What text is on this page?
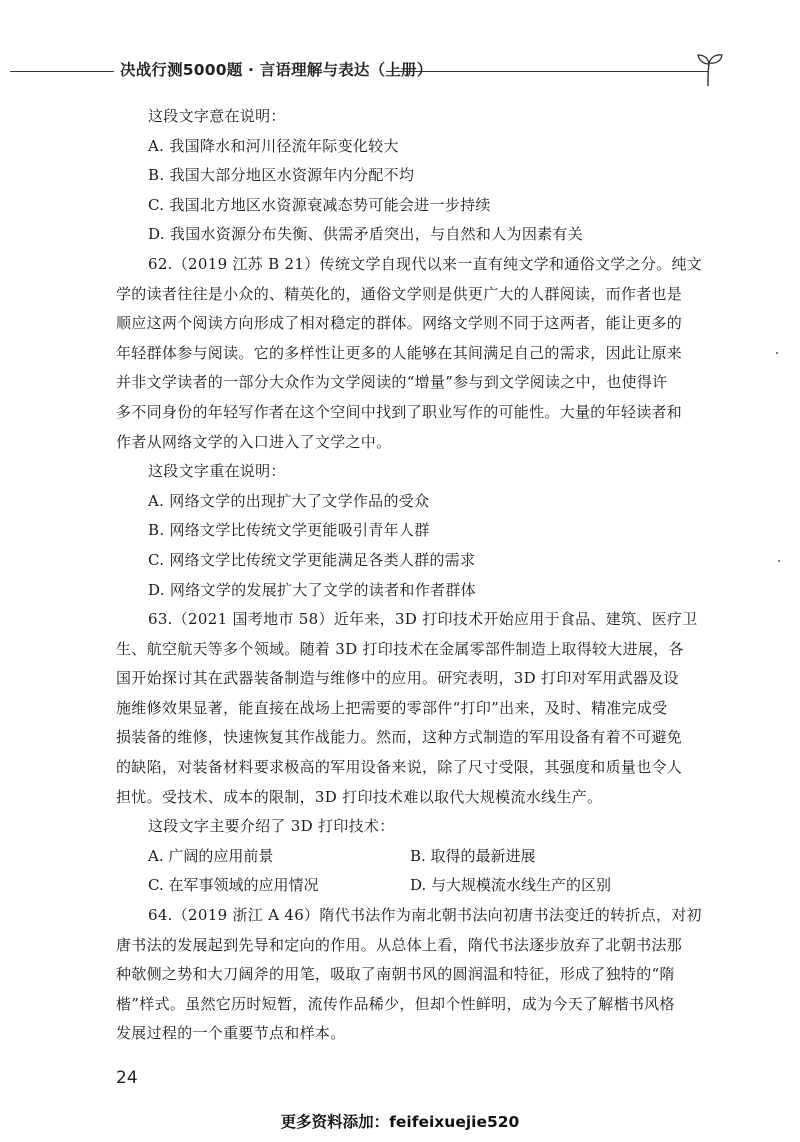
决战行测5000题 · 言语理解与表达（上册）
这段文字意在说明：
A. 我国降水和河川径流年际变化较大
B. 我国大部分地区水资源年内分配不均
C. 我国北方地区水资源衰减态势可能会进一步持续
D. 我国水资源分布失衡、供需矛盾突出，与自然和人为因素有关
62.（2019 江苏 B 21）传统文学自现代以来一直有纯文学和通俗文学之分。纯文
学的读者往往是小众的、精英化的，通俗文学则是供更广大的人群阅读，而作者也是
顺应这两个阅读方向形成了相对稳定的群体。网络文学则不同于这两者，能让更多的
年轻群体参与阅读。它的多样性让更多的人能够在其间满足自己的需求，因此让原来
并非文学读者的一部分大众作为文学阅读的“增量”参与到文学阅读之中，也使得许
多不同身份的年轻写作者在这个空间中找到了职业写作的可能性。大量的年轻读者和
作者从网络文学的入口进入了文学之中。
这段文字重在说明：
A. 网络文学的出现扩大了文学作品的受众
B. 网络文学比传统文学更能吸引青年人群
C. 网络文学比传统文学更能满足各类人群的需求
D. 网络文学的发展扩大了文学的读者和作者群体
63.（2021 国考地市 58）近年来，3D 打印技术开始应用于食品、建筑、医疗卫
生、航空航天等多个领域。随着 3D 打印技术在金属零部件制造上取得较大进展，各
国开始探讨其在武器装备制造与维修中的应用。研究表明，3D 打印对军用武器及设
施维修效果显著，能直接在战场上把需要的零部件“打印”出来，及时、精准完成受
损装备的维修，快速恢复其作战能力。然而，这种方式制造的军用设备有着不可避免
的缺陷，对装备材料要求极高的军用设备来说，除了尺寸受限，其强度和质量也令人
担忧。受技术、成本的限制，3D 打印技术难以取代大规模流水线生产。
这段文字主要介绍了 3D 打印技术：
A. 广阔的应用前景	B. 取得的最新进展
C. 在军事领域的应用情况	D. 与大规模流水线生产的区别
64.（2019 浙江 A 46）隋代书法作为南北朝书法向初唐书法变迁的转折点，对初
唐书法的发展起到先导和定向的作用。从总体上看，隋代书法逐步放弃了北朝书法那
种欹侧之势和大刀阔斧的用笔，吸取了南朝书风的圆润温和特征，形成了独特的“隋
楷”样式。虽然它历时短暂，流传作品稀少，但却个性鲜明，成为今天了解楷书风格
发展过程的一个重要节点和样本。
24
更多资料添加：feifeixuejie520
